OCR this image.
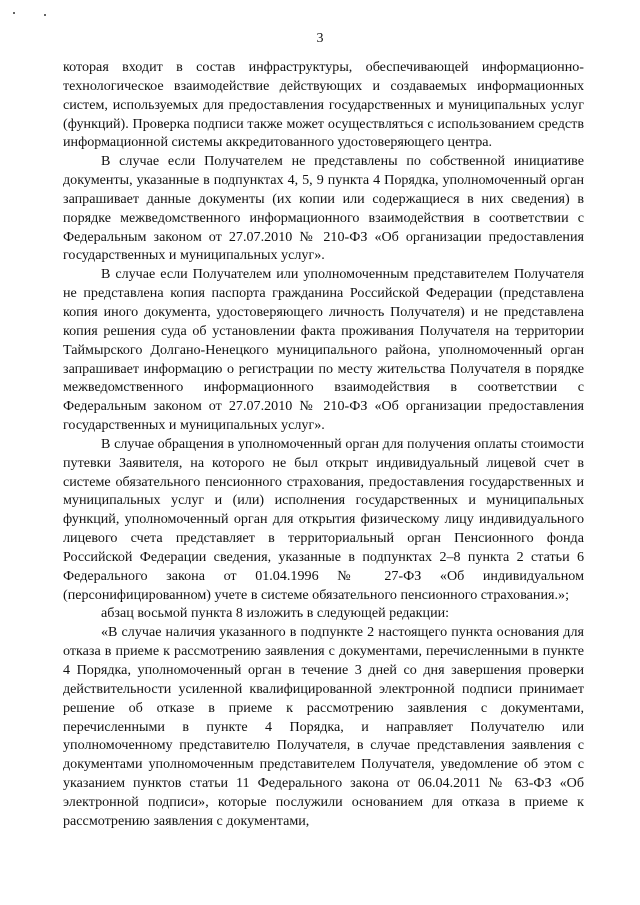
3

которая входит в состав инфраструктуры, обеспечивающей информационно-технологическое взаимодействие действующих и создаваемых информационных систем, используемых для предоставления государственных и муниципальных услуг (функций). Проверка подписи также может осуществляться с использованием средств информационной системы аккредитованного удостоверяющего центра.

В случае если Получателем не представлены по собственной инициативе документы, указанные в подпунктах 4, 5, 9 пункта 4 Порядка, уполномоченный орган запрашивает данные документы (их копии или содержащиеся в них сведения) в порядке межведомственного информационного взаимодействия в соответствии с Федеральным законом от 27.07.2010 № 210-ФЗ «Об организации предоставления государственных и муниципальных услуг».

В случае если Получателем или уполномоченным представителем Получателя не представлена копия паспорта гражданина Российской Федерации (представлена копия иного документа, удостоверяющего личность Получателя) и не представлена копия решения суда об установлении факта проживания Получателя на территории Таймырского Долгано-Ненецкого муниципального района, уполномоченный орган запрашивает информацию о регистрации по месту жительства Получателя в порядке межведомственного информационного взаимодействия в соответствии с Федеральным законом от 27.07.2010 № 210-ФЗ «Об организации предоставления государственных и муниципальных услуг».

В случае обращения в уполномоченный орган для получения оплаты стоимости путевки Заявителя, на которого не был открыт индивидуальный лицевой счет в системе обязательного пенсионного страхования, предоставления государственных и муниципальных услуг и (или) исполнения государственных и муниципальных функций, уполномоченный орган для открытия физическому лицу индивидуального лицевого счета представляет в территориальный орган Пенсионного фонда Российской Федерации сведения, указанные в подпунктах 2–8 пункта 2 статьи 6 Федерального закона от 01.04.1996 № 27-ФЗ «Об индивидуальном (персонифицированном) учете в системе обязательного пенсионного страхования.»;

абзац восьмой пункта 8 изложить в следующей редакции:

«В случае наличия указанного в подпункте 2 настоящего пункта основания для отказа в приеме к рассмотрению заявления с документами, перечисленными в пункте 4 Порядка, уполномоченный орган в течение 3 дней со дня завершения проверки действительности усиленной квалифицированной электронной подписи принимает решение об отказе в приеме к рассмотрению заявления с документами, перечисленными в пункте 4 Порядка, и направляет Получателю или уполномоченному представителю Получателя, в случае представления заявления с документами уполномоченным представителем Получателя, уведомление об этом с указанием пунктов статьи 11 Федерального закона от 06.04.2011 № 63-ФЗ «Об электронной подписи», которые послужили основанием для отказа в приеме к рассмотрению заявления с документами,
